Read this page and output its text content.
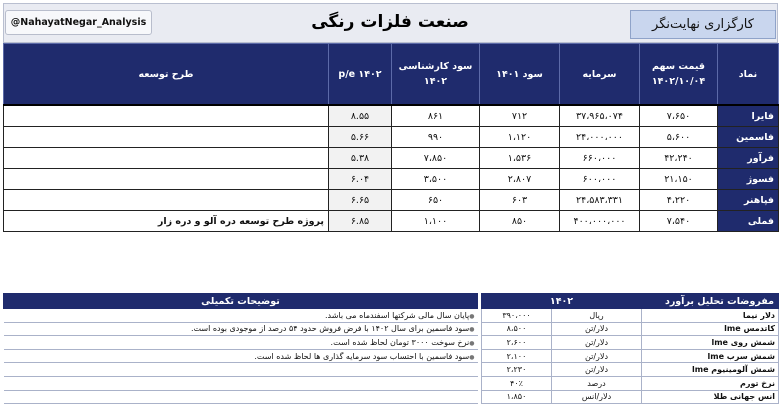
@NahayatNegar_Analysis	صنعت فلزات رنگی	کارگزاری نهایت‌نگر
طرح توسعه	p/e ۱۴۰۲	سود کارشناسی ۱۴۰۲	سود ۱۴۰۱	سرمایه	قیمت سهم ۱۴۰۲/۱۰/۰۴	نماد
	۸.۵۵	۸۶۱	۷۱۲	۳۷،۹۶۵،۰۷۴	۷،۶۵۰	فایرا
	۵.۶۶	۹۹۰	۱،۱۲۰	۲۴،۰۰۰،۰۰۰	۵،۶۰۰	فاسمین
	۵.۳۸	۷،۸۵۰	۱،۵۳۶	۶۶۰،۰۰۰	۴۲،۲۴۰	فرآور
	۶.۰۴	۳،۵۰۰	۲،۸۰۷	۶۰۰،۰۰۰	۲۱،۱۵۰	فسوژ
	۶.۶۵	۶۵۰	۶۰۳	۲۴،۵۸۳،۳۳۱	۴،۲۲۰	فپاهنر
پروژه طرح توسعه دره آلو و دره زار	۶.۸۵	۱،۱۰۰	۸۵۰	۴۰۰،۰۰۰،۰۰۰	۷،۵۴۰	فملی
۱۴۰۲		مفروضات تحلیل برآورد
۳۹۰،۰۰۰	ریال	دلار نیما
۸،۵۰۰	دلار/تن	کاتدمس lme
۲،۶۰۰	دلار/تن	شمش روی lme
۲،۱۰۰	دلار/تن	شمش سرب lme
۲،۲۳۰	دلار/تن	شمش آلومینیوم lme
۴۰٪	درصد	نرخ تورم
۱،۸۵۰	دلار/انس	انس جهانی طلا
توضیحات تکمیلی
●پایان سال مالی شرکتها اسفندماه می باشد.
●سود فاسمین برای سال ۱۴۰۲ با فرض فروش حدود ۵۴ درصد از موجودی بوده است.
●نرخ سوخت ۳۰۰۰ تومان لحاظ شده است.
●سود فاسمین با احتساب سود سرمایه گذاری ها لحاظ شده است.
